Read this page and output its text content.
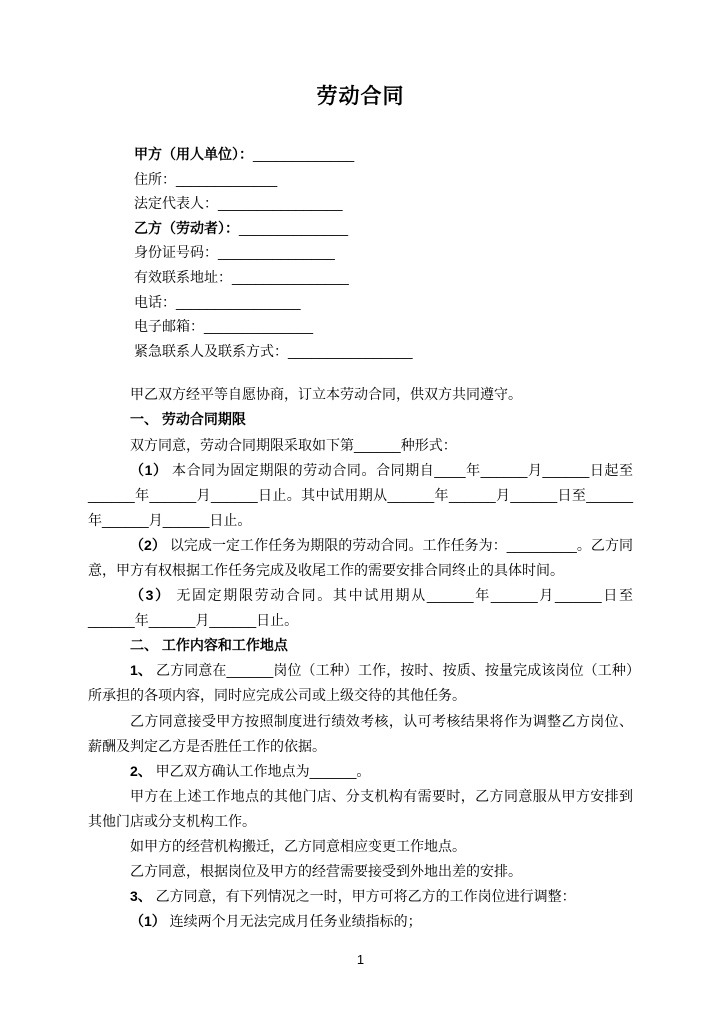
劳动合同
甲方（用人单位）：_____________
住所：_____________
法定代表人：________________
乙方（劳动者）：______________
身份证号码：_______________
有效联系地址：_______________
电话：________________
电子邮箱：______________
紧急联系人及联系方式：________________

甲乙双方经平等自愿协商，订立本劳动合同，供双方共同遵守。

一、 劳动合同期限

双方同意，劳动合同期限采取如下第______种形式：

（1） 本合同为固定期限的劳动合同。合同期自____年______月______日起至______年______月______日止。其中试用期从______年______月______日至______年______月______日止。

（2） 以完成一定工作任务为期限的劳动合同。工作任务为：_________。乙方同意，甲方有权根据工作任务完成及收尾工作的需要安排合同终止的具体时间。

（3） 无固定期限劳动合同。其中试用期从______年______月______日至______年______月______日止。

二、 工作内容和工作地点

1、 乙方同意在______岗位（工种）工作，按时、按质、按量完成该岗位（工种）所承担的各项内容，同时应完成公司或上级交待的其他任务。

乙方同意接受甲方按照制度进行绩效考核，认可考核结果将作为调整乙方岗位、薪酬及判定乙方是否胜任工作的依据。

2、 甲乙双方确认工作地点为______。

甲方在上述工作地点的其他门店、分支机构有需要时，乙方同意服从甲方安排到其他门店或分支机构工作。

如甲方的经营机构搬迁，乙方同意相应变更工作地点。

乙方同意，根据岗位及甲方的经营需要接受到外地出差的安排。

3、 乙方同意，有下列情况之一时，甲方可将乙方的工作岗位进行调整：

（1） 连续两个月无法完成月任务业绩指标的；

1
